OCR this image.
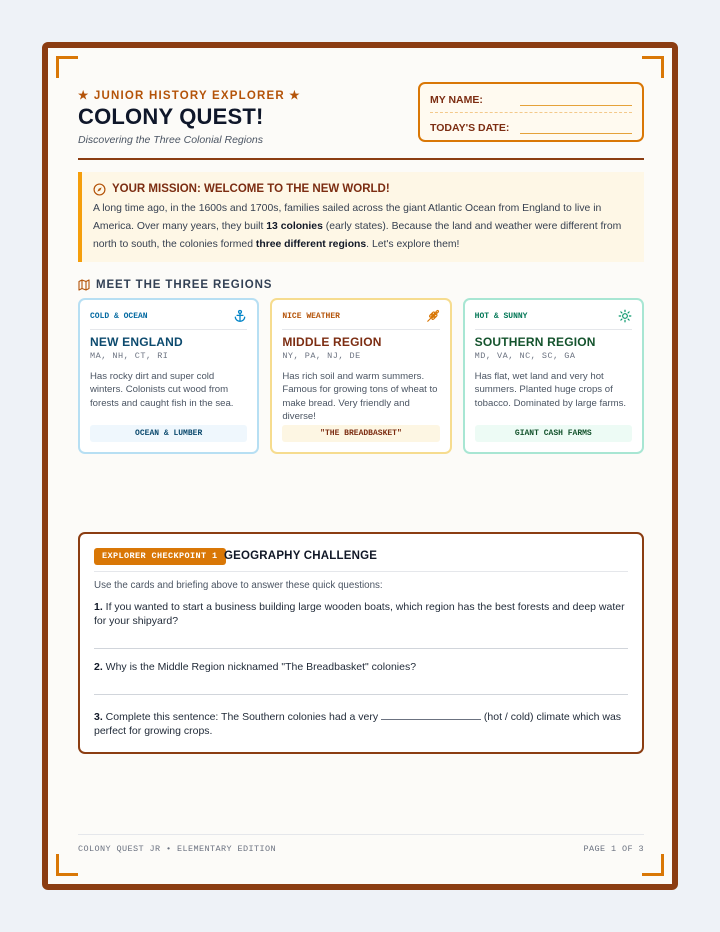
★ JUNIOR HISTORY EXPLORER ★
COLONY QUEST!
Discovering the Three Colonial Regions
MY NAME:
TODAY'S DATE:
YOUR MISSION: WELCOME TO THE NEW WORLD!
A long time ago, in the 1600s and 1700s, families sailed across the giant Atlantic Ocean from England to live in America. Over many years, they built 13 colonies (early states). Because the land and weather were different from north to south, the colonies formed three different regions. Let's explore them!
MEET THE THREE REGIONS
COLD & OCEAN
NEW ENGLAND
MA, NH, CT, RI
Has rocky dirt and super cold winters. Colonists cut wood from forests and caught fish in the sea.
OCEAN & LUMBER
NICE WEATHER
MIDDLE REGION
NY, PA, NJ, DE
Has rich soil and warm summers. Famous for growing tons of wheat to make bread. Very friendly and diverse!
"THE BREADBASKET"
HOT & SUNNY
SOUTHERN REGION
MD, VA, NC, SC, GA
Has flat, wet land and very hot summers. Planted huge crops of tobacco. Dominated by large farms.
GIANT CASH FARMS
EXPLORER CHECKPOINT 1 GEOGRAPHY CHALLENGE
Use the cards and briefing above to answer these quick questions:
1. If you wanted to start a business building large wooden boats, which region has the best forests and deep water for your shipyard?
2. Why is the Middle Region nicknamed "The Breadbasket" colonies?
3. Complete this sentence: The Southern colonies had a very	(hot / cold) climate which was perfect for growing crops.
COLONY QUEST JR • ELEMENTARY EDITION	PAGE 1 OF 3
